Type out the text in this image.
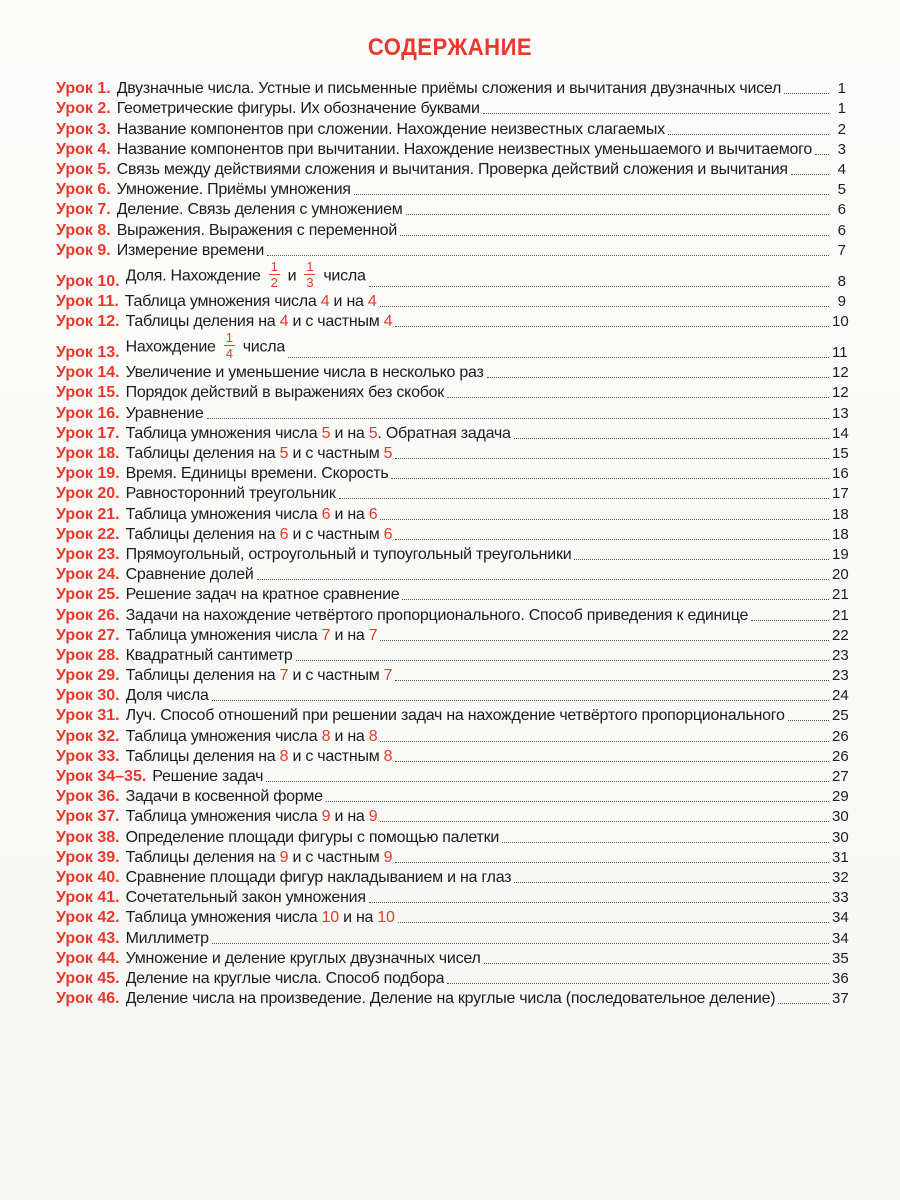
СОДЕРЖАНИЕ
Урок 1. Двузначные числа. Устные и письменные приёмы сложения и вычитания двузначных чисел	1
Урок 2. Геометрические фигуры. Их обозначение буквами	1
Урок 3. Название компонентов при сложении. Нахождение неизвестных слагаемых	2
Урок 4. Название компонентов при вычитании. Нахождение неизвестных уменьшаемого и вычитаемого	3
Урок 5. Связь между действиями сложения и вычитания. Проверка действий сложения и вычитания	4
Урок 6. Умножение. Приёмы умножения	5
Урок 7. Деление. Связь деления с умножением	6
Урок 8. Выражения. Выражения с переменной	6
Урок 9. Измерение времени	7
Урок 10. Доля. Нахождение $\frac{1}{2}$ и $\frac{1}{3}$ числа	8
Урок 11. Таблица умножения числа 4 и на 4	9
Урок 12. Таблицы деления на 4 и с частным 4	10
Урок 13. Нахождение $\frac{1}{4}$ числа	11
Урок 14. Увеличение и уменьшение числа в несколько раз	12
Урок 15. Порядок действий в выражениях без скобок	12
Урок 16. Уравнение	13
Урок 17. Таблица умножения числа 5 и на 5. Обратная задача	14
Урок 18. Таблицы деления на 5 и с частным 5	15
Урок 19. Время. Единицы времени. Скорость	16
Урок 20. Равносторонний треугольник	17
Урок 21. Таблица умножения числа 6 и на 6	18
Урок 22. Таблицы деления на 6 и с частным 6	18
Урок 23. Прямоугольный, остроугольный и тупоугольный треугольники	19
Урок 24. Сравнение долей	20
Урок 25. Решение задач на кратное сравнение	21
Урок 26. Задачи на нахождение четвёртого пропорционального. Способ приведения к единице	21
Урок 27. Таблица умножения числа 7 и на 7	22
Урок 28. Квадратный сантиметр	23
Урок 29. Таблицы деления на 7 и с частным 7	23
Урок 30. Доля числа	24
Урок 31. Луч. Способ отношений при решении задач на нахождение четвёртого пропорционального	25
Урок 32. Таблица умножения числа 8 и на 8	26
Урок 33. Таблицы деления на 8 и с частным 8	26
Урок 34–35. Решение задач	27
Урок 36. Задачи в косвенной форме	29
Урок 37. Таблица умножения числа 9 и на 9	30
Урок 38. Определение площади фигуры с помощью палетки	30
Урок 39. Таблицы деления на 9 и с частным 9	31
Урок 40. Сравнение площади фигур накладыванием и на глаз	32
Урок 41. Сочетательный закон умножения	33
Урок 42. Таблица умножения числа 10 и на 10	34
Урок 43. Миллиметр	34
Урок 44. Умножение и деление круглых двузначных чисел	35
Урок 45. Деление на круглые числа. Способ подбора	36
Урок 46. Деление числа на произведение. Деление на круглые числа (последовательное деление)	37
